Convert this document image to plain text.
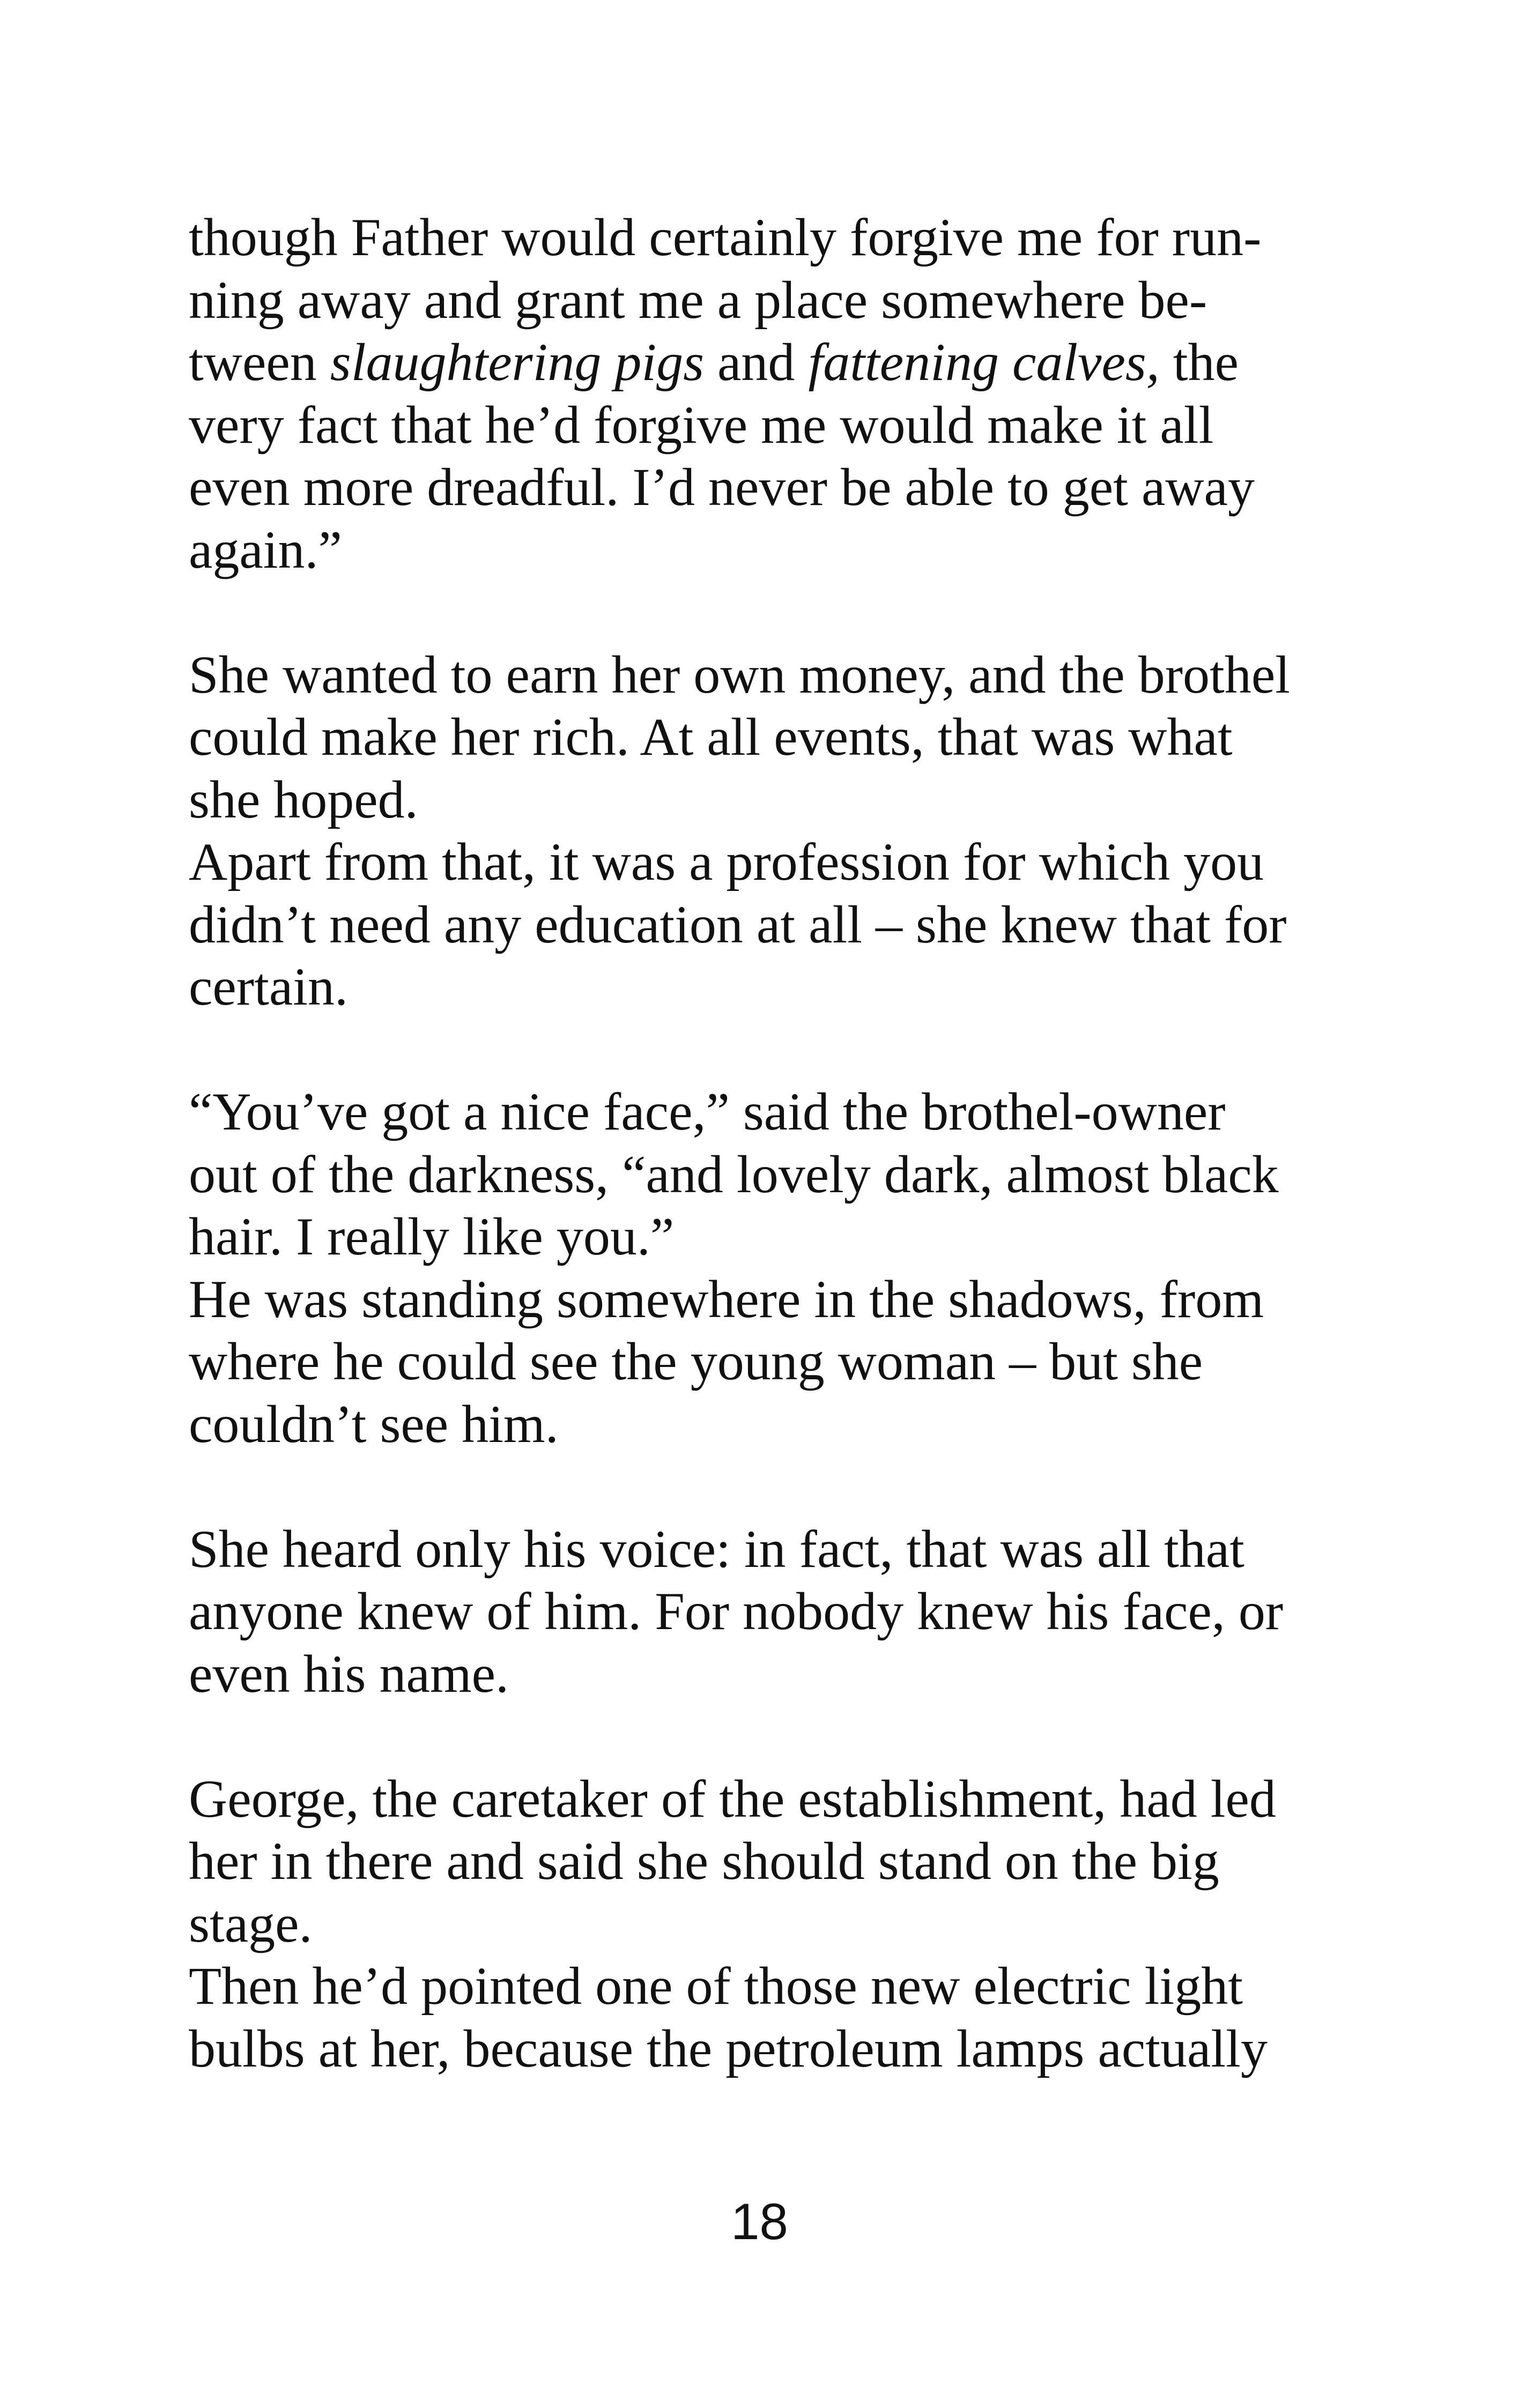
though Father would certainly forgive me for run-
ning away and grant me a place somewhere be-
tween slaughtering pigs and fattening calves, the
very fact that he’d forgive me would make it all
even more dreadful. I’d never be able to get away
again.”
She wanted to earn her own money, and the brothel
could make her rich. At all events, that was what
she hoped.
Apart from that, it was a profession for which you
didn’t need any education at all – she knew that for
certain.
“You’ve got a nice face,” said the brothel-owner
out of the darkness, “and lovely dark, almost black
hair. I really like you.”
He was standing somewhere in the shadows, from
where he could see the young woman – but she
couldn’t see him.
She heard only his voice: in fact, that was all that
anyone knew of him. For nobody knew his face, or
even his name.
George, the caretaker of the establishment, had led
her in there and said she should stand on the big
stage.
Then he’d pointed one of those new electric light
bulbs at her, because the petroleum lamps actually
18
